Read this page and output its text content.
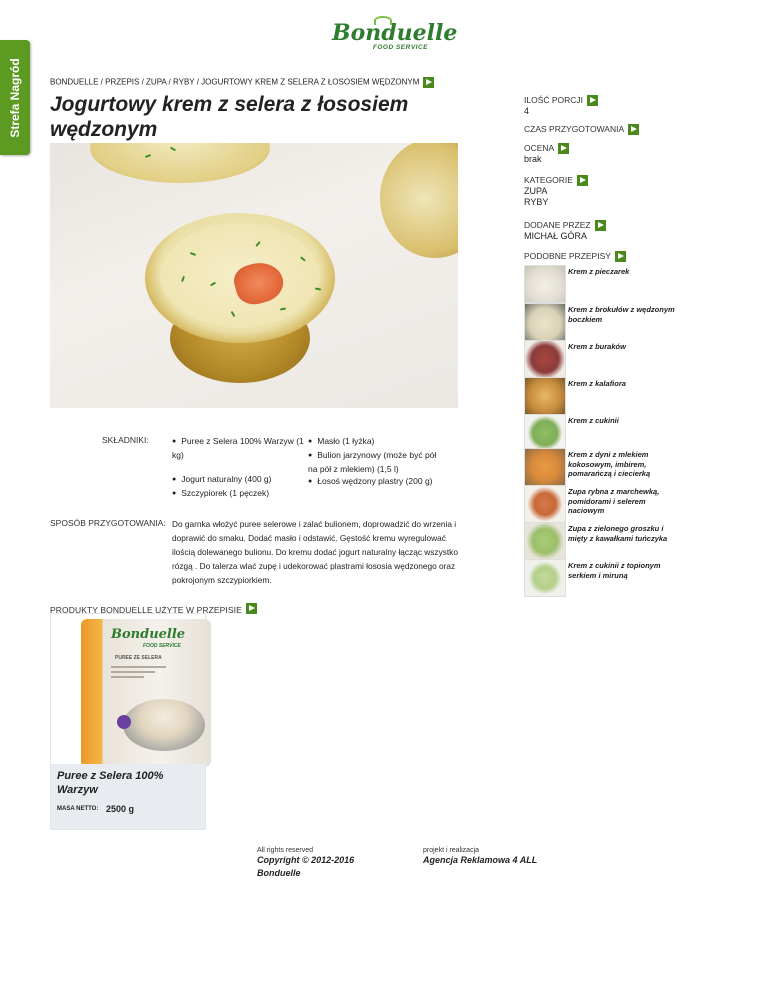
Strefa Nagród
Bonduelle
FOOD SERVICE
BONDUELLE / PRZEPIS / ZUPA / RYBY / JOGURTOWY KREM Z SELERA Z ŁOSOSIEM WĘDZONYM
Jogurtowy krem z selera z łososiem wędzonym
ILOŚĆ PORCJI
4
CZAS PRZYGOTOWANIA
OCENA
brak
KATEGORIE
ZUPA
RYBY
DODANE PRZEZ
MICHAŁ GÓRA
PODOBNE PRZEPISY
Krem z pieczarek
Krem z brokułów z wędzonym boczkiem
Krem z buraków
Krem z kalafiora
Krem z cukinii
Krem z dyni z mlekiem kokosowym, imbirem, pomarańczą i ciecierką
Zupa rybna z marchewką, pomidorami i selerem naciowym
Zupa z zielonego groszku i mięty z kawałkami tuńczyka
Krem z cukinii z topionym serkiem i miruną
SKŁADNIKI:
●	Puree z Selera 100% Warzyw (1 kg)
● Jogurt naturalny (400 g)
● Szczypiorek (1 pęczek)
● Masło (1 łyżka)
● Bulion jarzynowy (może być pół na pół z mlekiem) (1,5 l)
● Łosoś wędzony plastry (200 g)
SPOSÓB PRZYGOTOWANIA: Do garnka włożyć puree selerowe i zalać bulionem, doprowadzić do wrzenia i doprawić do smaku. Dodać masło i odstawić. Gęstość kremu wyregulować ilością dolewanego bulionu. Do kremu dodać jogurt naturalny łącząc wszystko rózgą . Do talerza wlać zupę i udekorować plastrami łososia wędzonego oraz pokrojonym szczypiorkiem.
PRODUKTY BONDUELLE UŻYTE W PRZEPISIE
Bonduelle
FOOD SERVICE
PUREE ZE SELERA
Puree z Selera 100% Warzyw
MASA NETTO: 2500 g
All rights reserved
Copyright © 2012-2016 Bonduelle
projekt i realizacja
Agencja Reklamowa 4 ALL
